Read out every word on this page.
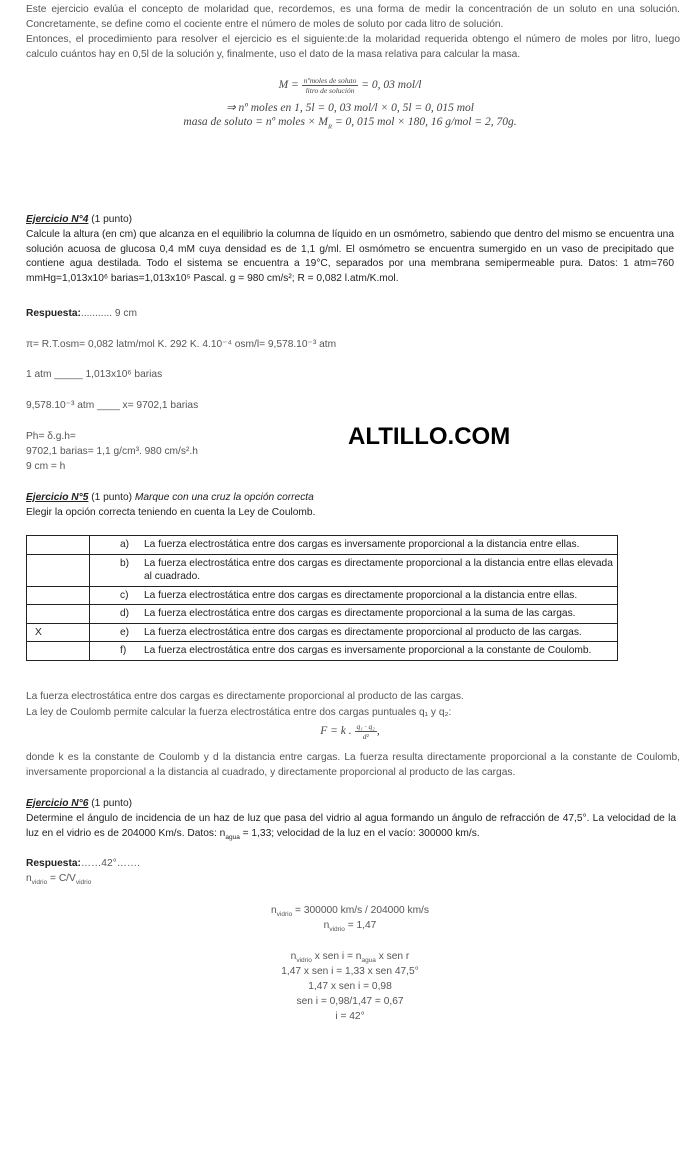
Este ejercicio evalúa el concepto de molaridad que, recordemos, es una forma de medir la concentración de un soluto en una solución. Concretamente, se define como el cociente entre el número de moles de soluto por cada litro de solución.
Entonces, el procedimiento para resolver el ejercicio es el siguiente:de la molaridad requerida obtengo el número de moles por litro, luego calculo cuántos hay en 0,5l de la solución y, finalmente, uso el dato de la masa relativa para calcular la masa.
$M = \frac{\text{nºmoles de soluto}}{\text{litro de solución}} = 0$, 03 mol/l
⇒ nº moles en 1, 5l = 0, 03 mol/l × 0, 5l = 0, 015 mol
masa de soluto = nº moles × $M_R = 0$, 015 mol × 180, 16 g/mol = 2, 70g.
Ejercicio N°4 (1 punto)
Calcule la altura (en cm) que alcanza en el equilibrio la columna de líquido en un osmómetro, sabiendo que dentro del mismo se encuentra una solución acuosa de glucosa 0,4 mM cuya densidad es de 1,1 g/ml. El osmómetro se encuentra sumergido en un vaso de precipitado que contiene agua destilada. Todo el sistema se encuentra a 19°C, separados por una membrana semipermeable pura. Datos: 1 atm=760 mmHg=1,013x10⁶ barias=1,013x10⁵ Pascal. g = 980 cm/s²; R = 0,082 l.atm/K.mol.
Respuesta:........... 9 cm
π= R.T.osm= 0,082 latm/mol K. 292 K. 4.10⁻⁴ osm/l= 9,578.10⁻³ atm
1 atm _____ 1,013x10⁶ barias
9,578.10⁻³ atm ____ x= 9702,1 barias
Ph= δ.g.h=
9702,1 barias= 1,1 g/cm³. 980 cm/s².h
9 cm = h
ALTILLO.COM
Ejercicio N°5 (1 punto) Marque con una cruz la opción correcta
Elegir la opción correcta teniendo en cuenta la Ley de Coulomb.
	a)	La fuerza electrostática entre dos cargas es inversamente proporcional a la distancia entre ellas.
	b)	La fuerza electrostática entre dos cargas es directamente proporcional a la distancia entre ellas elevada al cuadrado.
	c)	La fuerza electrostática entre dos cargas es directamente proporcional a la distancia entre ellas.
	d)	La fuerza electrostática entre dos cargas es directamente proporcional a la suma de las cargas.
X	e)	La fuerza electrostática entre dos cargas es directamente proporcional al producto de las cargas.
	f)	La fuerza electrostática entre dos cargas es inversamente proporcional a la constante de Coulomb.
La fuerza electrostática entre dos cargas es directamente proporcional al producto de las cargas.
La ley de Coulomb permite calcular la fuerza electrostática entre dos cargas puntuales q₁ y q₂:
F = k . $\frac{\text{q₁ · q₂}}{\text{d²}}$ ,
donde k es la constante de Coulomb y d la distancia entre cargas. La fuerza resulta directamente proporcional a la constante de Coulomb, inversamente proporcional a la distancia al cuadrado, y directamente proporcional al producto de las cargas.
Ejercicio N°6 (1 punto)
Determine el ángulo de incidencia de un haz de luz que pasa del vidrio al agua formando un ángulo de refracción de 47,5°. La velocidad de la luz en el vidrio es de 204000 Km/s. Datos: $n_{agua} = 1,33$; velocidad de la luz en el vacío: 300000 km/s.
Respuesta:……42°…….
$n_{vidrio} = C/V_{vidrio}$
$n_{vidrio} = 300000$ km/s / 204000 km/s
$n_{vidrio} = 1,47$
$n_{vidrio}$ x sen $i = n_{agua}$ x sen r
1,47 x sen i = 1,33 x sen 47,5°
1,47 x sen i = 0,98
sen i = 0,98/1,47 = 0,67
i = 42°
